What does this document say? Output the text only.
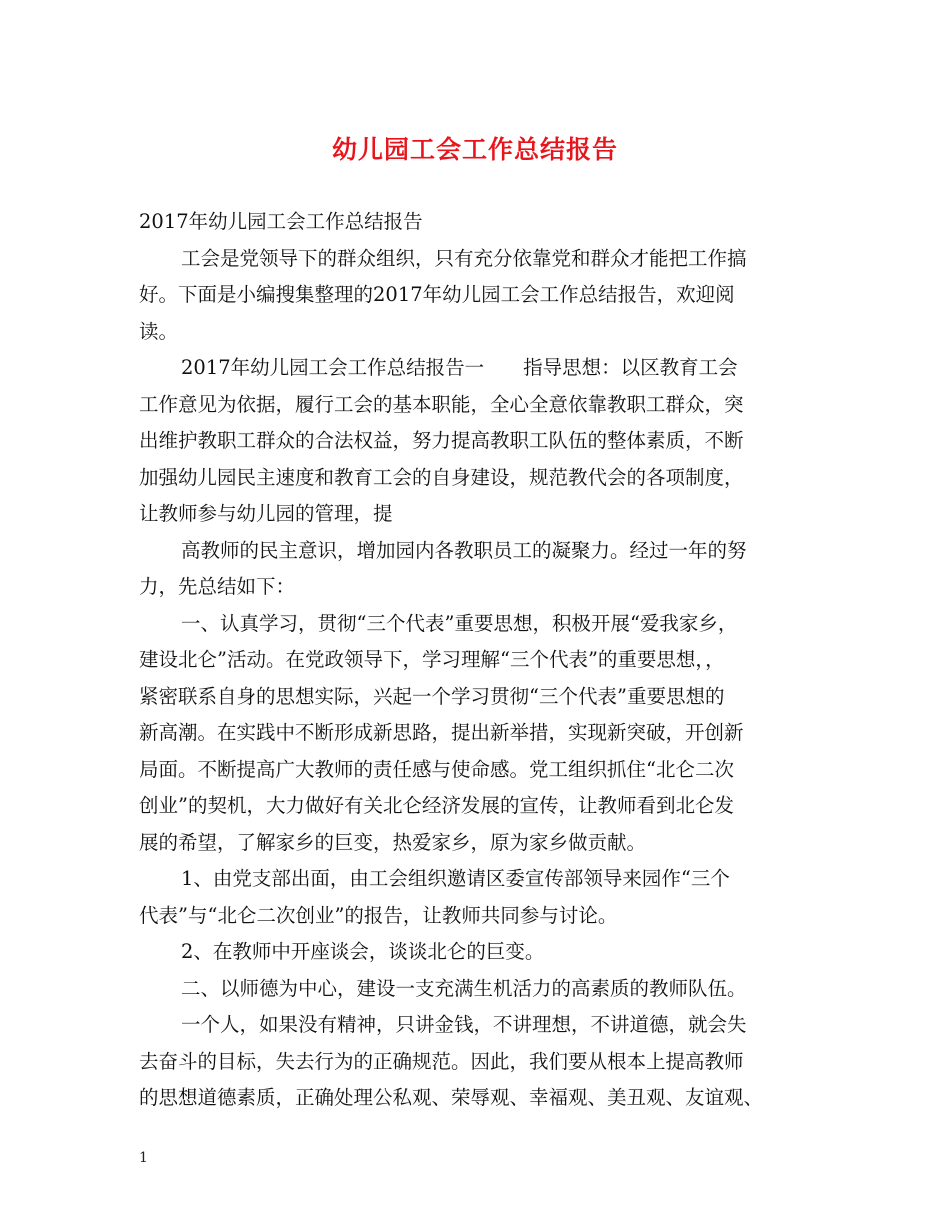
幼儿园工会工作总结报告
2017年幼儿园工会工作总结报告
工会是党领导下的群众组织，只有充分依靠党和群众才能把工作搞
好。下面是小编搜集整理的2017年幼儿园工会工作总结报告，欢迎阅
读。
2017年幼儿园工会工作总结报告一　　指导思想：以区教育工会
工作意见为依据，履行工会的基本职能，全心全意依靠教职工群众，突
出维护教职工群众的合法权益，努力提高教职工队伍的整体素质，不断
加强幼儿园民主速度和教育工会的自身建设，规范教代会的各项制度，
让教师参与幼儿园的管理，提
高教师的民主意识，增加园内各教职员工的凝聚力。经过一年的努
力，先总结如下：
一、认真学习，贯彻“三个代表”重要思想，积极开展“爱我家乡，
建设北仑”活动。在党政领导下，学习理解“三个代表”的重要思想，，
紧密联系自身的思想实际，兴起一个学习贯彻“三个代表”重要思想的
新高潮。在实践中不断形成新思路，提出新举措，实现新突破，开创新
局面。不断提高广大教师的责任感与使命感。党工组织抓住“北仑二次
创业”的契机，大力做好有关北仑经济发展的宣传，让教师看到北仑发
展的希望，了解家乡的巨变，热爱家乡，原为家乡做贡献。
1、由党支部出面，由工会组织邀请区委宣传部领导来园作“三个
代表”与“北仑二次创业”的报告，让教师共同参与讨论。
2、在教师中开座谈会，谈谈北仑的巨变。
二、以师德为中心，建设一支充满生机活力的高素质的教师队伍。
一个人，如果没有精神，只讲金钱，不讲理想，不讲道德，就会失
去奋斗的目标，失去行为的正确规范。因此，我们要从根本上提高教师
的思想道德素质，正确处理公私观、荣辱观、幸福观、美丑观、友谊观、
1
